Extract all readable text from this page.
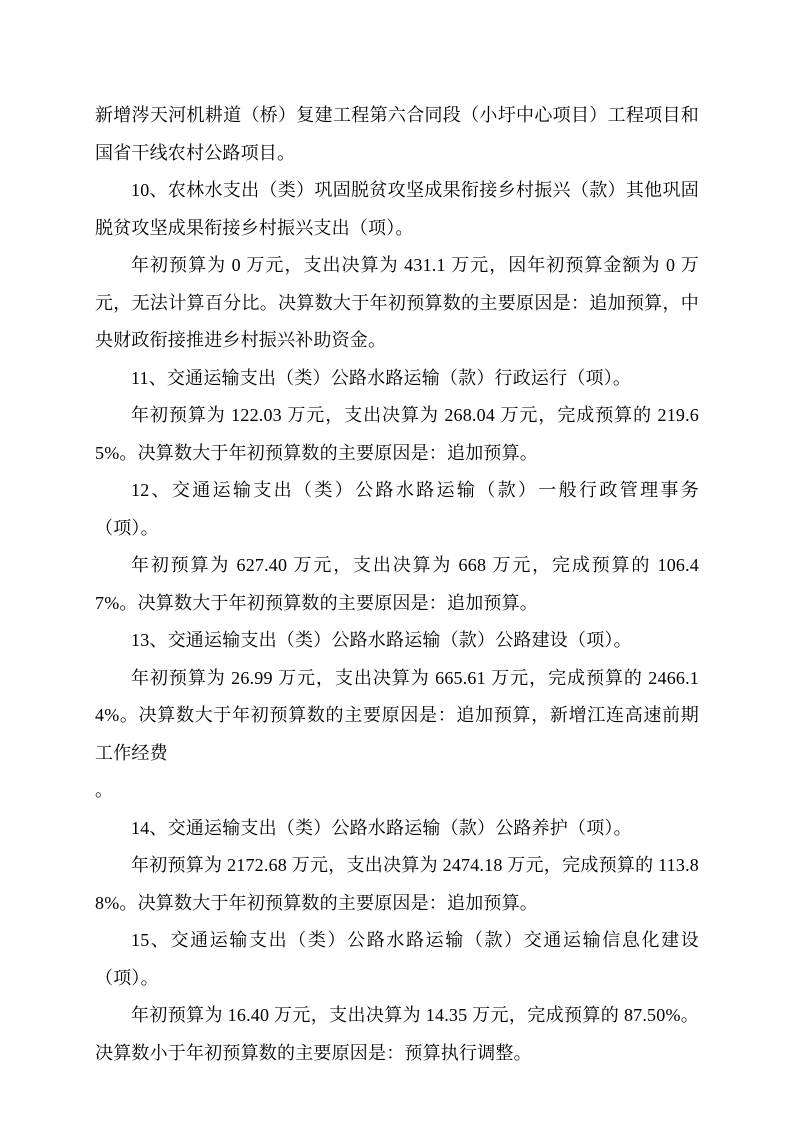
新增涔天河机耕道（桥）复建工程第六合同段（小圩中心项目）工程项目和国省干线农村公路项目。

10、农林水支出（类）巩固脱贫攻坚成果衔接乡村振兴（款）其他巩固脱贫攻坚成果衔接乡村振兴支出（项）。

年初预算为 0 万元，支出决算为 431.1 万元，因年初预算金额为 0 万元，无法计算百分比。决算数大于年初预算数的主要原因是：追加预算，中央财政衔接推进乡村振兴补助资金。

11、交通运输支出（类）公路水路运输（款）行政运行（项）。

年初预算为 122.03 万元，支出决算为 268.04 万元，完成预算的 219.65%。决算数大于年初预算数的主要原因是：追加预算。

12、交通运输支出（类）公路水路运输（款）一般行政管理事务（项）。

年初预算为 627.40 万元，支出决算为 668 万元，完成预算的 106.47%。决算数大于年初预算数的主要原因是：追加预算。

13、交通运输支出（类）公路水路运输（款）公路建设（项）。

年初预算为 26.99 万元，支出决算为 665.61 万元，完成预算的 2466.14%。决算数大于年初预算数的主要原因是：追加预算，新增江连高速前期工作经费

。

14、交通运输支出（类）公路水路运输（款）公路养护（项）。

年初预算为 2172.68 万元，支出决算为 2474.18 万元，完成预算的 113.88%。决算数大于年初预算数的主要原因是：追加预算。

15、交通运输支出（类）公路水路运输（款）交通运输信息化建设（项）。

年初预算为 16.40 万元，支出决算为 14.35 万元，完成预算的 87.50%。决算数小于年初预算数的主要原因是：预算执行调整。
